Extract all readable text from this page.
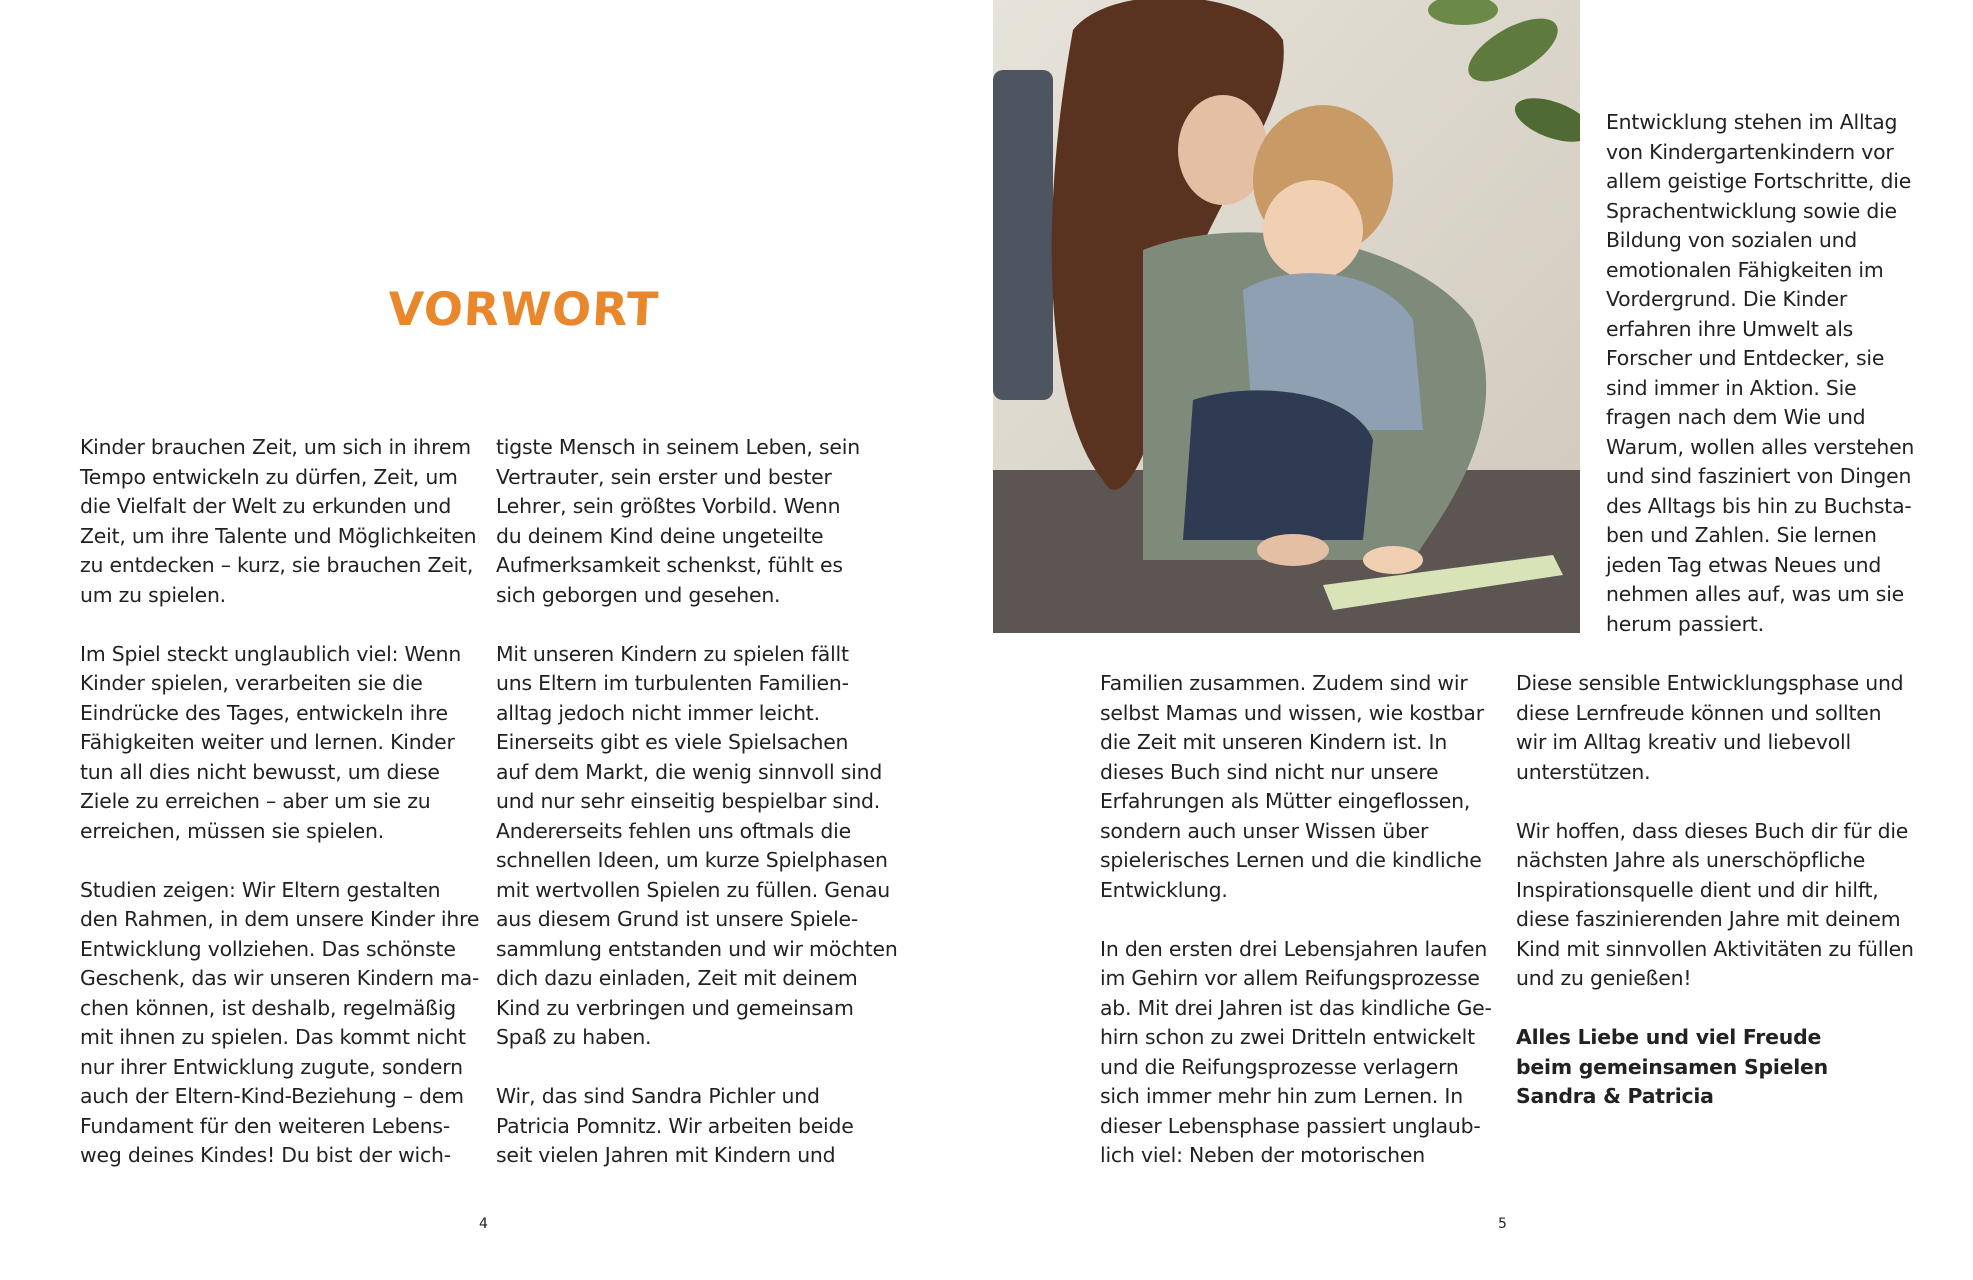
VORWORT
Kinder brauchen Zeit, um sich in ihrem
Tempo entwickeln zu dürfen, Zeit, um
die Vielfalt der Welt zu erkunden und
Zeit, um ihre Talente und Möglichkeiten
zu entdecken – kurz, sie brauchen Zeit,
um zu spielen.
Im Spiel steckt unglaublich viel: Wenn
Kinder spielen, verarbeiten sie die
Eindrücke des Tages, entwickeln ihre
Fähigkeiten weiter und lernen. Kinder
tun all dies nicht bewusst, um diese
Ziele zu erreichen – aber um sie zu
erreichen, müssen sie spielen.
Studien zeigen: Wir Eltern gestalten
den Rahmen, in dem unsere Kinder ihre
Entwicklung vollziehen. Das schönste
Geschenk, das wir unseren Kindern ma-
chen können, ist deshalb, regelmäßig
mit ihnen zu spielen. Das kommt nicht
nur ihrer Entwicklung zugute, sondern
auch der Eltern-Kind-Beziehung – dem
Fundament für den weiteren Lebens-
weg deines Kindes! Du bist der wich-
tigste Mensch in seinem Leben, sein
Vertrauter, sein erster und bester
Lehrer, sein größtes Vorbild. Wenn
du deinem Kind deine ungeteilte
Aufmerksamkeit schenkst, fühlt es
sich geborgen und gesehen.
Mit unseren Kindern zu spielen fällt
uns Eltern im turbulenten Familien-
alltag jedoch nicht immer leicht.
Einerseits gibt es viele Spielsachen
auf dem Markt, die wenig sinnvoll sind
und nur sehr einseitig bespielbar sind.
Andererseits fehlen uns oftmals die
schnellen Ideen, um kurze Spielphasen
mit wertvollen Spielen zu füllen. Genau
aus diesem Grund ist unsere Spiele-
sammlung entstanden und wir möchten
dich dazu einladen, Zeit mit deinem
Kind zu verbringen und gemeinsam
Spaß zu haben.
Wir, das sind Sandra Pichler und
Patricia Pomnitz. Wir arbeiten beide
seit vielen Jahren mit Kindern und
Familien zusammen. Zudem sind wir
selbst Mamas und wissen, wie kostbar
die Zeit mit unseren Kindern ist. In
dieses Buch sind nicht nur unsere
Erfahrungen als Mütter eingeflossen,
sondern auch unser Wissen über
spielerisches Lernen und die kindliche
Entwicklung.
In den ersten drei Lebensjahren laufen
im Gehirn vor allem Reifungsprozesse
ab. Mit drei Jahren ist das kindliche Ge-
hirn schon zu zwei Dritteln entwickelt
und die Reifungsprozesse verlagern
sich immer mehr hin zum Lernen. In
dieser Lebensphase passiert unglaub-
lich viel: Neben der motorischen
Entwicklung stehen im Alltag
von Kindergartenkindern vor
allem geistige Fortschritte, die
Sprachentwicklung sowie die
Bildung von sozialen und
emotionalen Fähigkeiten im
Vordergrund. Die Kinder
erfahren ihre Umwelt als
Forscher und Entdecker, sie
sind immer in Aktion. Sie
fragen nach dem Wie und
Warum, wollen alles verstehen
und sind fasziniert von Dingen
des Alltags bis hin zu Buchsta-
ben und Zahlen. Sie lernen
jeden Tag etwas Neues und
nehmen alles auf, was um sie
herum passiert.
Diese sensible Entwicklungsphase und
diese Lernfreude können und sollten
wir im Alltag kreativ und liebevoll
unterstützen.
Wir hoffen, dass dieses Buch dir für die
nächsten Jahre als unerschöpfliche
Inspirationsquelle dient und dir hilft,
diese faszinierenden Jahre mit deinem
Kind mit sinnvollen Aktivitäten zu füllen
und zu genießen!
Alles Liebe und viel Freude
beim gemeinsamen Spielen
Sandra & Patricia
4	5
